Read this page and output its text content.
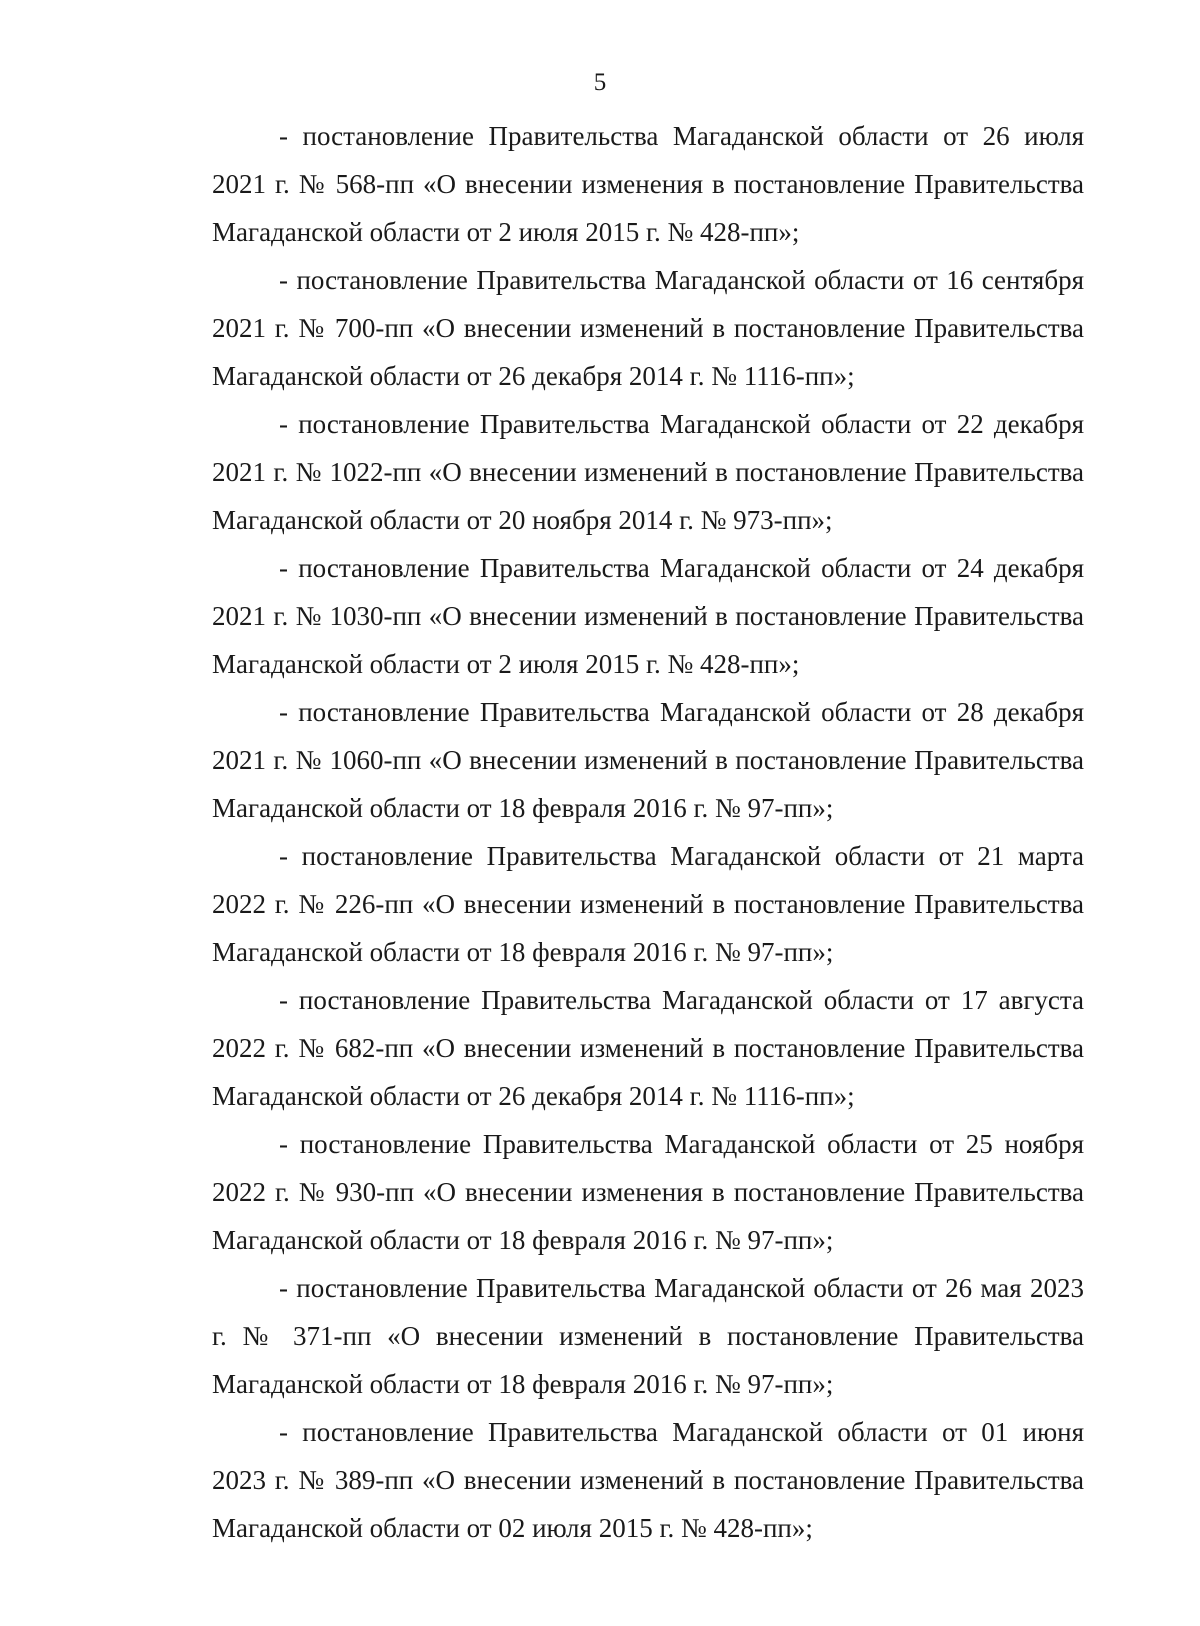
5

- постановление Правительства Магаданской области от 26 июля 2021 г. № 568-пп «О внесении изменения в постановление Правительства Магаданской области от 2 июля 2015 г. № 428-пп»;

- постановление Правительства Магаданской области от 16 сентября 2021 г. № 700-пп «О внесении изменений в постановление Правительства Магаданской области от 26 декабря 2014 г. № 1116-пп»;

- постановление Правительства Магаданской области от 22 декабря 2021 г. № 1022-пп «О внесении изменений в постановление Правительства Магаданской области от 20 ноября 2014 г. № 973-пп»;

- постановление Правительства Магаданской области от 24 декабря 2021 г. № 1030-пп «О внесении изменений в постановление Правительства Магаданской области от 2 июля 2015 г. № 428-пп»;

- постановление Правительства Магаданской области от 28 декабря 2021 г. № 1060-пп «О внесении изменений в постановление Правительства Магаданской области от 18 февраля 2016 г. № 97-пп»;

- постановление Правительства Магаданской области от 21 марта 2022 г. № 226-пп «О внесении изменений в постановление Правительства Магаданской области от 18 февраля 2016 г. № 97-пп»;

- постановление Правительства Магаданской области от 17 августа 2022 г. № 682-пп «О внесении изменений в постановление Правительства Магаданской области от 26 декабря 2014 г. № 1116-пп»;

- постановление Правительства Магаданской области от 25 ноября 2022 г. № 930-пп «О внесении изменения в постановление Правительства Магаданской области от 18 февраля 2016 г. № 97-пп»;

- постановление Правительства Магаданской области от 26 мая 2023 г. № 371-пп «О внесении изменений в постановление Правительства Магаданской области от 18 февраля 2016 г. № 97-пп»;

- постановление Правительства Магаданской области от 01 июня 2023 г. № 389-пп «О внесении изменений в постановление Правительства Магаданской области от 02 июля 2015 г. № 428-пп»;
